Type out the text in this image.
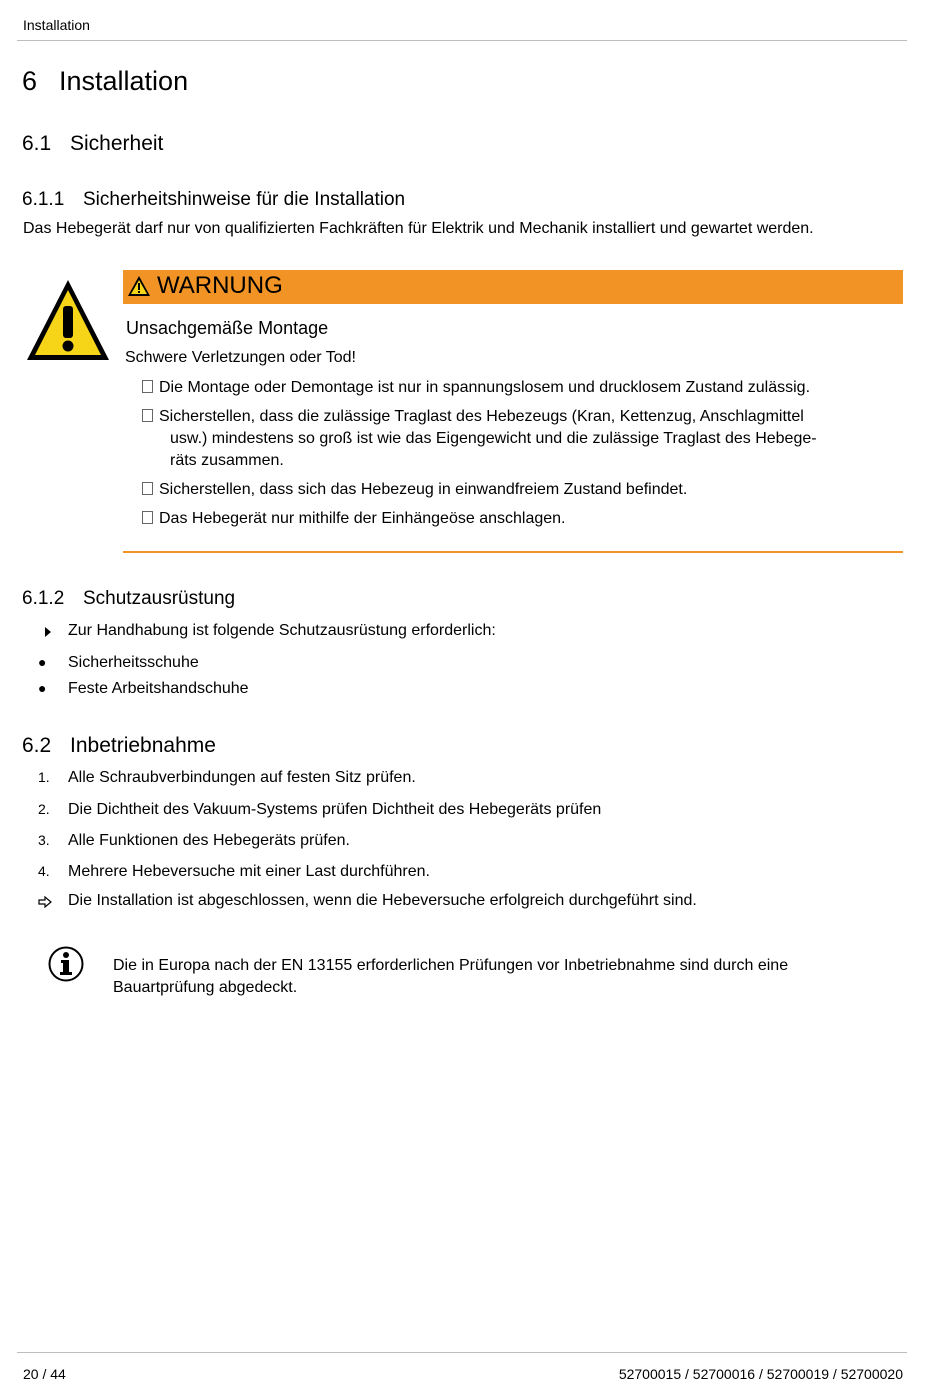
Installation
6 Installation
6.1 Sicherheit
6.1.1 Sicherheitshinweise für die Installation
Das Hebegerät darf nur von qualifizierten Fachkräften für Elektrik und Mechanik installiert und gewartet werden.
WARNUNG
Unsachgemäße Montage
Schwere Verletzungen oder Tod!
Die Montage oder Demontage ist nur in spannungslosem und drucklosem Zustand zulässig.
Sicherstellen, dass die zulässige Traglast des Hebezeugs (Kran, Kettenzug, Anschlagmittel
usw.) mindestens so groß ist wie das Eigengewicht und die zulässige Traglast des Hebege-
räts zusammen.
Sicherstellen, dass sich das Hebezeug in einwandfreiem Zustand befindet.
Das Hebegerät nur mithilfe der Einhängeöse anschlagen.
6.1.2 Schutzausrüstung
Zur Handhabung ist folgende Schutzausrüstung erforderlich:
● Sicherheitsschuhe
● Feste Arbeitshandschuhe
6.2 Inbetriebnahme
1. Alle Schraubverbindungen auf festen Sitz prüfen.
2. Die Dichtheit des Vakuum-Systems prüfen Dichtheit des Hebegeräts prüfen
3. Alle Funktionen des Hebegeräts prüfen.
4. Mehrere Hebeversuche mit einer Last durchführen.
Die Installation ist abgeschlossen, wenn die Hebeversuche erfolgreich durchgeführt sind.
Die in Europa nach der EN 13155 erforderlichen Prüfungen vor Inbetriebnahme sind durch eine
Bauartprüfung abgedeckt.
20 / 44	52700015 / 52700016 / 52700019 / 52700020
